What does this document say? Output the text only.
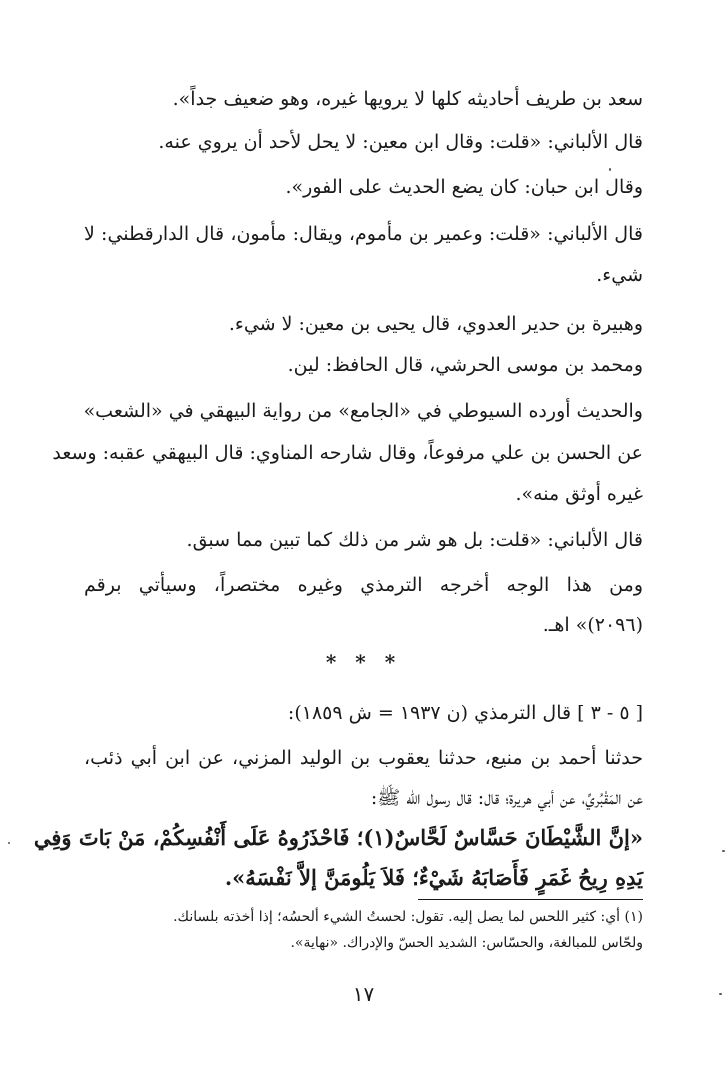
سعد بن طريف أحاديثه كلها لا يرويها غيره، وهو ضعيف جداً».
قال الألباني: «قلت: وقال ابن معين: لا يحل لأحد أن يروي عنه.
وقال ابن حبان: كان يضع الحديث على الفور».
قال الألباني: «قلت: وعمير بن مأموم، ويقال: مأمون، قال الدارقطني: لا
شيء.
وهبيرة بن حدير العدوي، قال يحيى بن معين: لا شيء.
ومحمد بن موسى الحرشي، قال الحافظ: لين.
والحديث أورده السيوطي في «الجامع» من رواية البيهقي في «الشعب»
عن الحسن بن علي مرفوعاً، وقال شارحه المناوي: قال البيهقي عقبه: وسعد
غيره أوثق منه».
قال الألباني: «قلت: بل هو شر من ذلك كما تبين مما سبق.
ومن هذا الوجه أخرجه الترمذي وغيره مختصراً، وسيأتي برقم
(٢٠٩٦)» اهـ.
* * *
[ ٥ - ٣ ] قال الترمذي (ن ١٩٣٧ = ش ١٨٥٩):
حدثنا أحمد بن منيع، حدثنا يعقوب بن الوليد المزني، عن ابن أبي ذئب،
عن المَقْبُريِّ، عن أبي هريرة؛ قال: قال رسول الله ﷺ:
«إنَّ الشَّيْطَانَ حَسَّاسٌ لَحَّاسٌ(١)؛ فَاحْذَرُوهُ عَلَى أَنْفُسِكُمْ، مَنْ بَاتَ وَفِي
يَدِهِ رِيحُ غَمَرٍ فَأَصَابَهُ شَيْءٌ؛ فَلاَ يَلُومَنَّ إلاَّ نَفْسَهُ».
(١) أي: كثير اللحس لما يصل إليه. تقول: لحستُ الشيء ألحسُه؛ إذا أخذته بلسانك.
ولحّاس للمبالغة، والحسّاس: الشديد الحسّ والإدراك. «نهاية».
١٧
